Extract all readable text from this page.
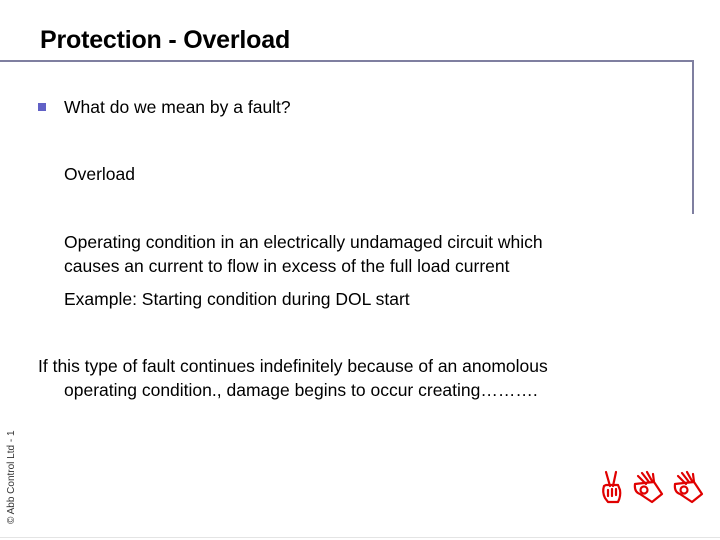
Protection - Overload
What do we mean by a fault?
Overload
Operating condition in an electrically undamaged circuit which
causes an current to flow in excess of the full load current
Example: Starting condition during DOL start
If this type of fault continues indefinitely because of an anomolous
operating condition., damage begins to occur creating……….
© Abb Control Ltd - 1
